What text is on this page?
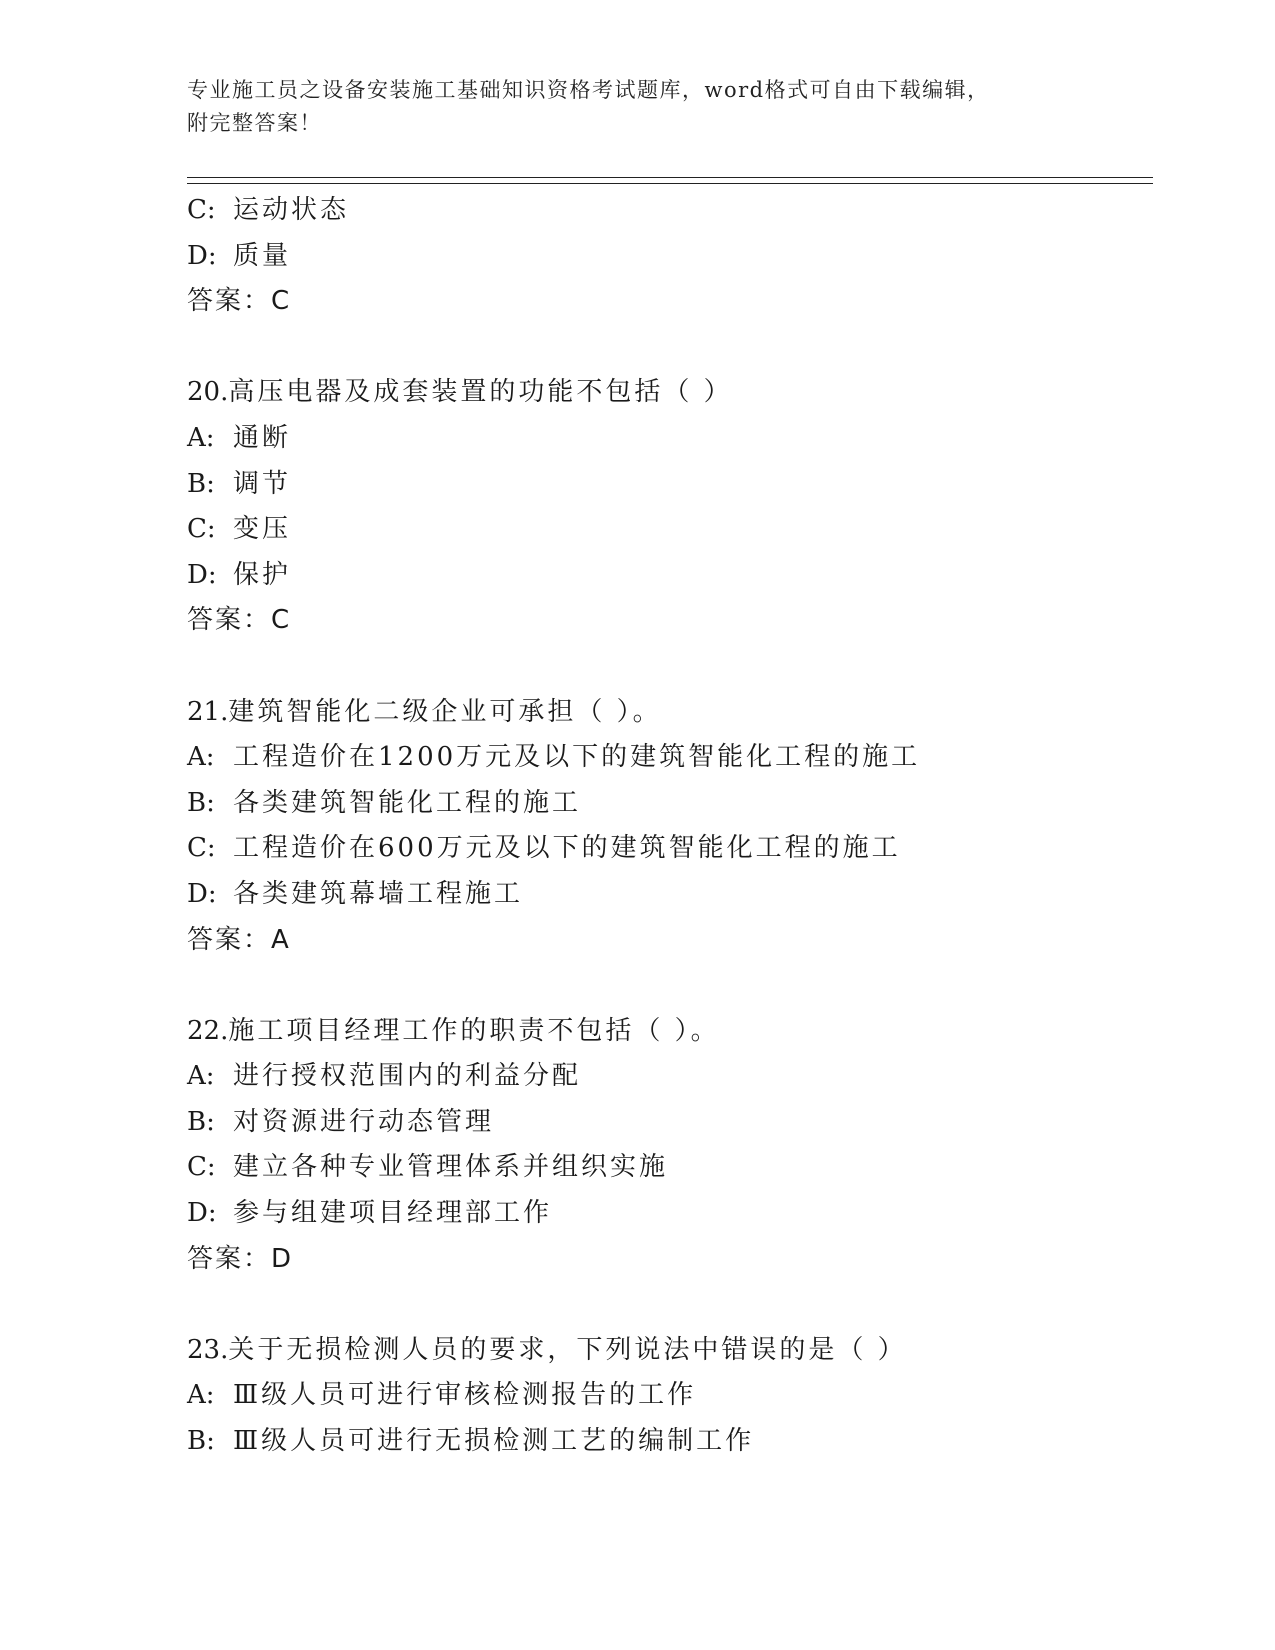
专业施工员之设备安装施工基础知识资格考试题库，word格式可自由下载编辑，
附完整答案！
C: 运动状态
D: 质量
答案：C
20.高压电器及成套装置的功能不包括（ ）
A: 通断
B: 调节
C: 变压
D: 保护
答案：C
21.建筑智能化二级企业可承担（ ）。
A: 工程造价在1200万元及以下的建筑智能化工程的施工
B: 各类建筑智能化工程的施工
C: 工程造价在600万元及以下的建筑智能化工程的施工
D: 各类建筑幕墙工程施工
答案：A
22.施工项目经理工作的职责不包括（ ）。
A: 进行授权范围内的利益分配
B: 对资源进行动态管理
C: 建立各种专业管理体系并组织实施
D: 参与组建项目经理部工作
答案：D
23.关于无损检测人员的要求，下列说法中错误的是（ ）
A: Ⅲ级人员可进行审核检测报告的工作
B: Ⅲ级人员可进行无损检测工艺的编制工作
